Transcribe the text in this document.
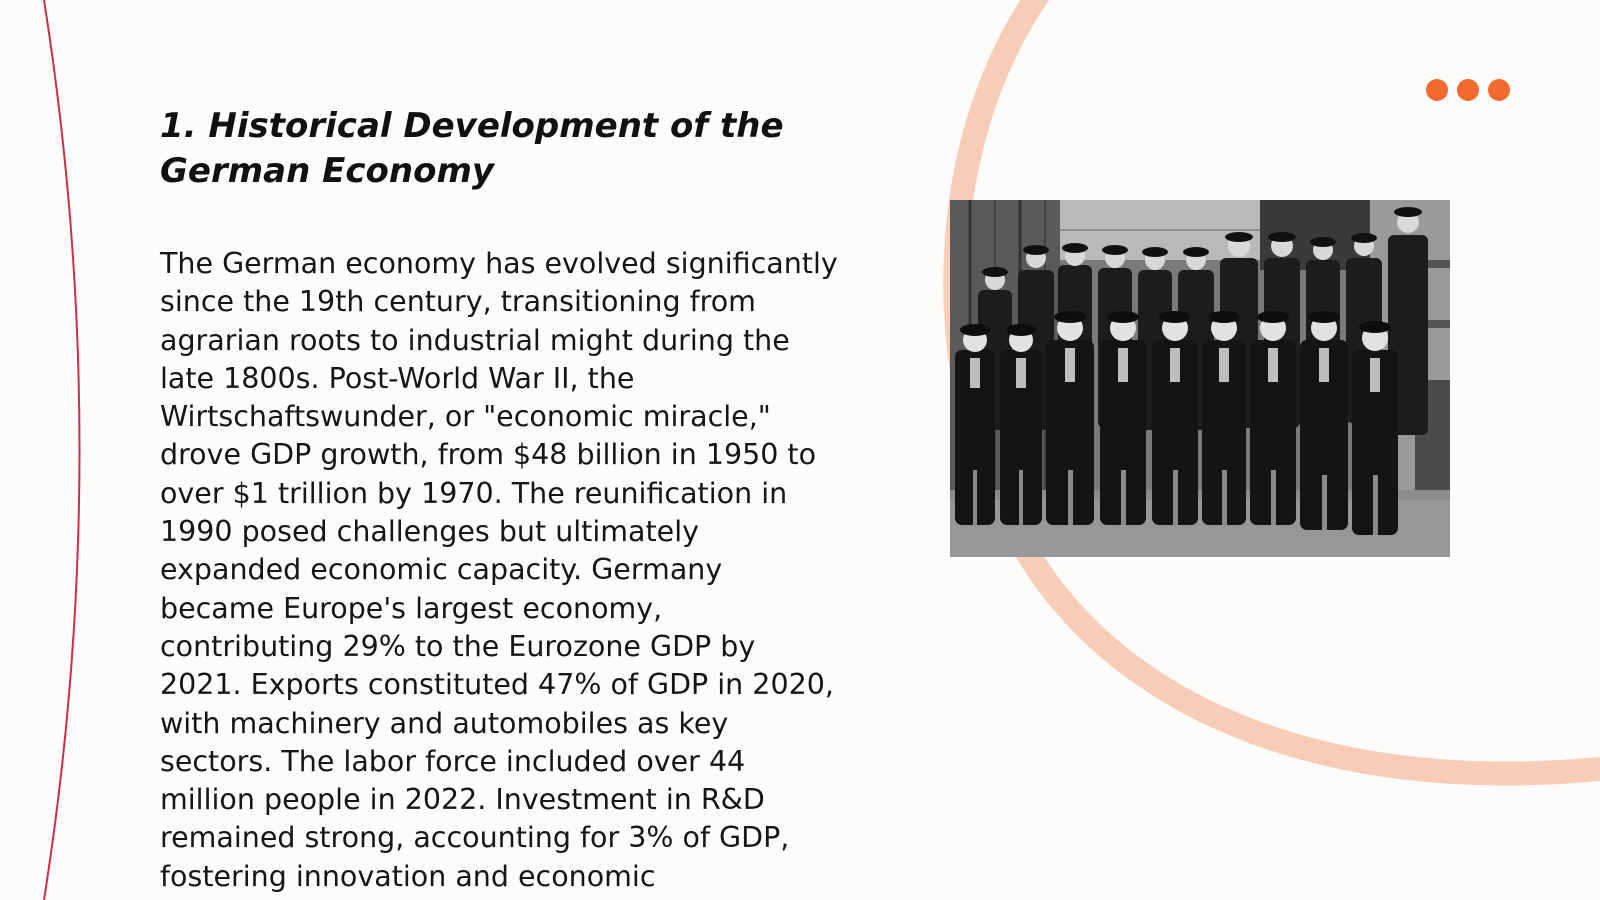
1. Historical Development of the German Economy

The German economy has evolved significantly since the 19th century, transitioning from agrarian roots to industrial might during the late 1800s. Post-World War II, the Wirtschaftswunder, or "economic miracle," drove GDP growth, from $48 billion in 1950 to over $1 trillion by 1970. The reunification in 1990 posed challenges but ultimately expanded economic capacity. Germany became Europe's largest economy, contributing 29% to the Eurozone GDP by 2021. Exports constituted 47% of GDP in 2020, with machinery and automobiles as key sectors. The labor force included over 44 million people in 2022. Investment in R&D remained strong, accounting for 3% of GDP, fostering innovation and economic
